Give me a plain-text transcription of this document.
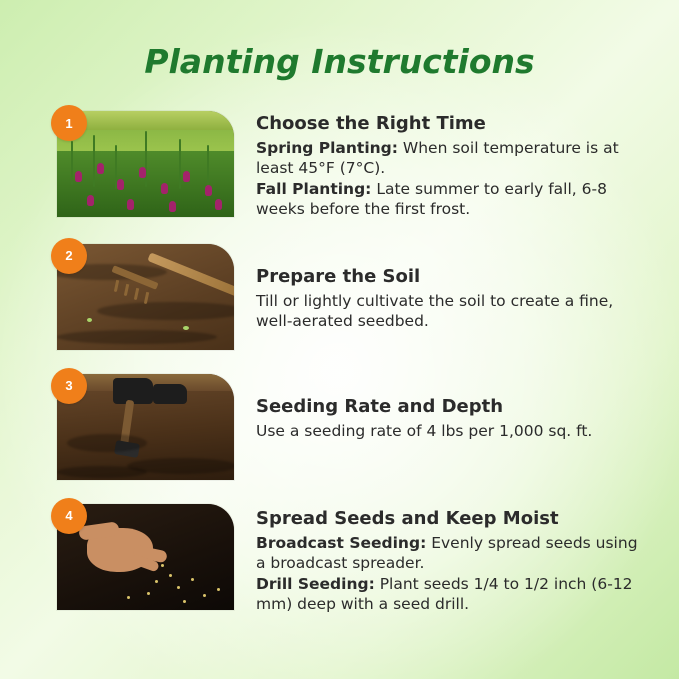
Planting Instructions
1	Choose the Right Time
Spring Planting: When soil temperature is at least 45°F (7°C).
Fall Planting: Late summer to early fall, 6-8 weeks before the first frost.
2
Prepare the Soil
Till or lightly cultivate the soil to create a fine, well-aerated seedbed.
3
Seeding Rate and Depth
Use a seeding rate of 4 lbs per 1,000 sq. ft.
4	Spread Seeds and Keep Moist
Broadcast Seeding: Evenly spread seeds using a broadcast spreader.
Drill Seeding: Plant seeds 1/4 to 1/2 inch (6-12 mm) deep with a seed drill.
